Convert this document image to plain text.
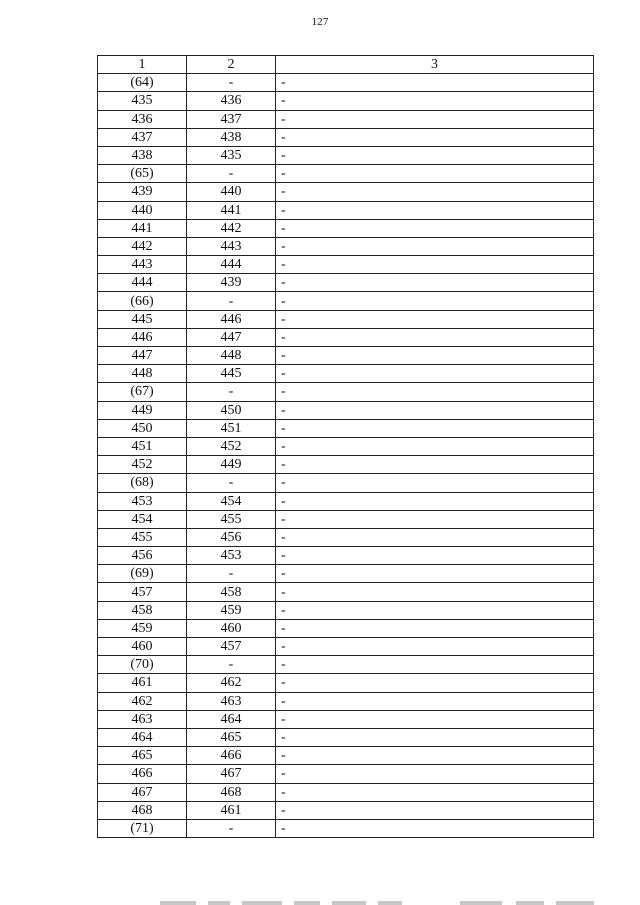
127
1	2	3
(64)	-	-
435	436	-
436	437	-
437	438	-
438	435	-
(65)	-	-
439	440	-
440	441	-
441	442	-
442	443	-
443	444	-
444	439	-
(66)	-	-
445	446	-
446	447	-
447	448	-
448	445	-
(67)	-	-
449	450	-
450	451	-
451	452	-
452	449	-
(68)	-	-
453	454	-
454	455	-
455	456	-
456	453	-
(69)	-	-
457	458	-
458	459	-
459	460	-
460	457	-
(70)	-	-
461	462	-
462	463	-
463	464	-
464	465	-
465	466	-
466	467	-
467	468	-
468	461	-
(71)	-	-
